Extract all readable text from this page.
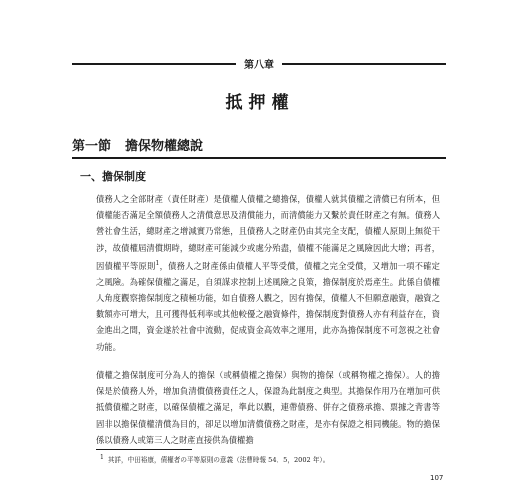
第八章
抵押權
第一節 擔保物權總說
一、擔保制度

債務人之全部財產（責任財產）是債權人債權之總擔保，債權人就其債權之清償已有所本，但債權能否滿足全額債務人之清償意思及清償能力，而清償能力又繫於責任財產之有無。債務人營社會生活，總財產之增減實乃常態，且債務人之財產仍由其完全支配，債權人原則上無從干涉，故債權屆清償期時，總財產可能減少或處分殆盡，債權不能滿足之風險因此大增；再者，因債權平等原則$^1$，債務人之財產係由債權人平等受償，債權之完全受償，又增加一項不確定之風險。為確保債權之滿足，自須謀求控制上述風險之良策，擔保制度於焉產生。此係自債權人角度觀察擔保制度之積極功能，如自債務人觀之，因有擔保，債權人不但願意融資，融資之數額亦可增大，且可獲得低利率或其他較優之融資條件，擔保制度對債務人亦有利益存在，資金進出之間，資金遂於社會中流動，促成資金高效率之運用，此亦為擔保制度不可忽視之社會功能。

債權之擔保制度可分為人的擔保（或稱債權之擔保）與物的擔保（或稱物權之擔保）。人的擔保是於債務人外，增加負清償債務責任之人，保證為此制度之典型。其擔保作用乃在增加可供抵償債權之財產，以確保債權之滿足，準此以觀，連帶債務、併存之債務承擔、票據之背書等固非以擔保債權清償為目的，卻足以增加清償債務之財產，是亦有保證之相同機能。物的擔保係以債務人或第三人之財產直接供為債權擔

$^1$ 其詳，中田裕康，債權者の平等原則の意義（法曹時報 54．5，2002 年）。
107
